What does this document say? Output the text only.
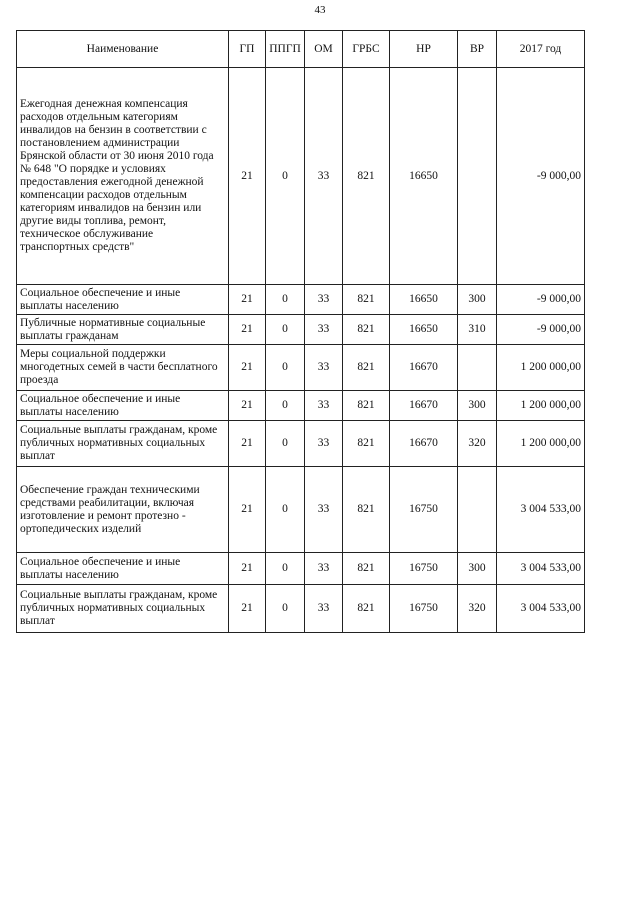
43
Наименование	ГП	ППГП	ОМ	ГРБС	НР	ВР	2017 год
Ежегодная денежная компенсация расходов отдельным категориям инвалидов на бензин в соответствии с постановлением администрации Брянской области от 30 июня 2010 года № 648 "О порядке и условиях предоставления ежегодной денежной компенсации расходов отдельным категориям инвалидов на бензин или другие виды топлива, ремонт, техническое обслуживание транспортных средств"	21	0	33	821	16650		-9 000,00
Социальное обеспечение и иные выплаты населению	21	0	33	821	16650	300	-9 000,00
Публичные нормативные социальные выплаты гражданам	21	0	33	821	16650	310	-9 000,00
Меры социальной поддержки многодетных семей в части бесплатного проезда	21	0	33	821	16670		1 200 000,00
Социальное обеспечение и иные выплаты населению	21	0	33	821	16670	300	1 200 000,00
Социальные выплаты гражданам, кроме публичных нормативных социальных выплат	21	0	33	821	16670	320	1 200 000,00
Обеспечение граждан техническими средствами реабилитации, включая изготовление и ремонт протезно - ортопедических изделий	21	0	33	821	16750		3 004 533,00
Социальное обеспечение и иные выплаты населению	21	0	33	821	16750	300	3 004 533,00
Социальные выплаты гражданам, кроме публичных нормативных социальных выплат	21	0	33	821	16750	320	3 004 533,00
